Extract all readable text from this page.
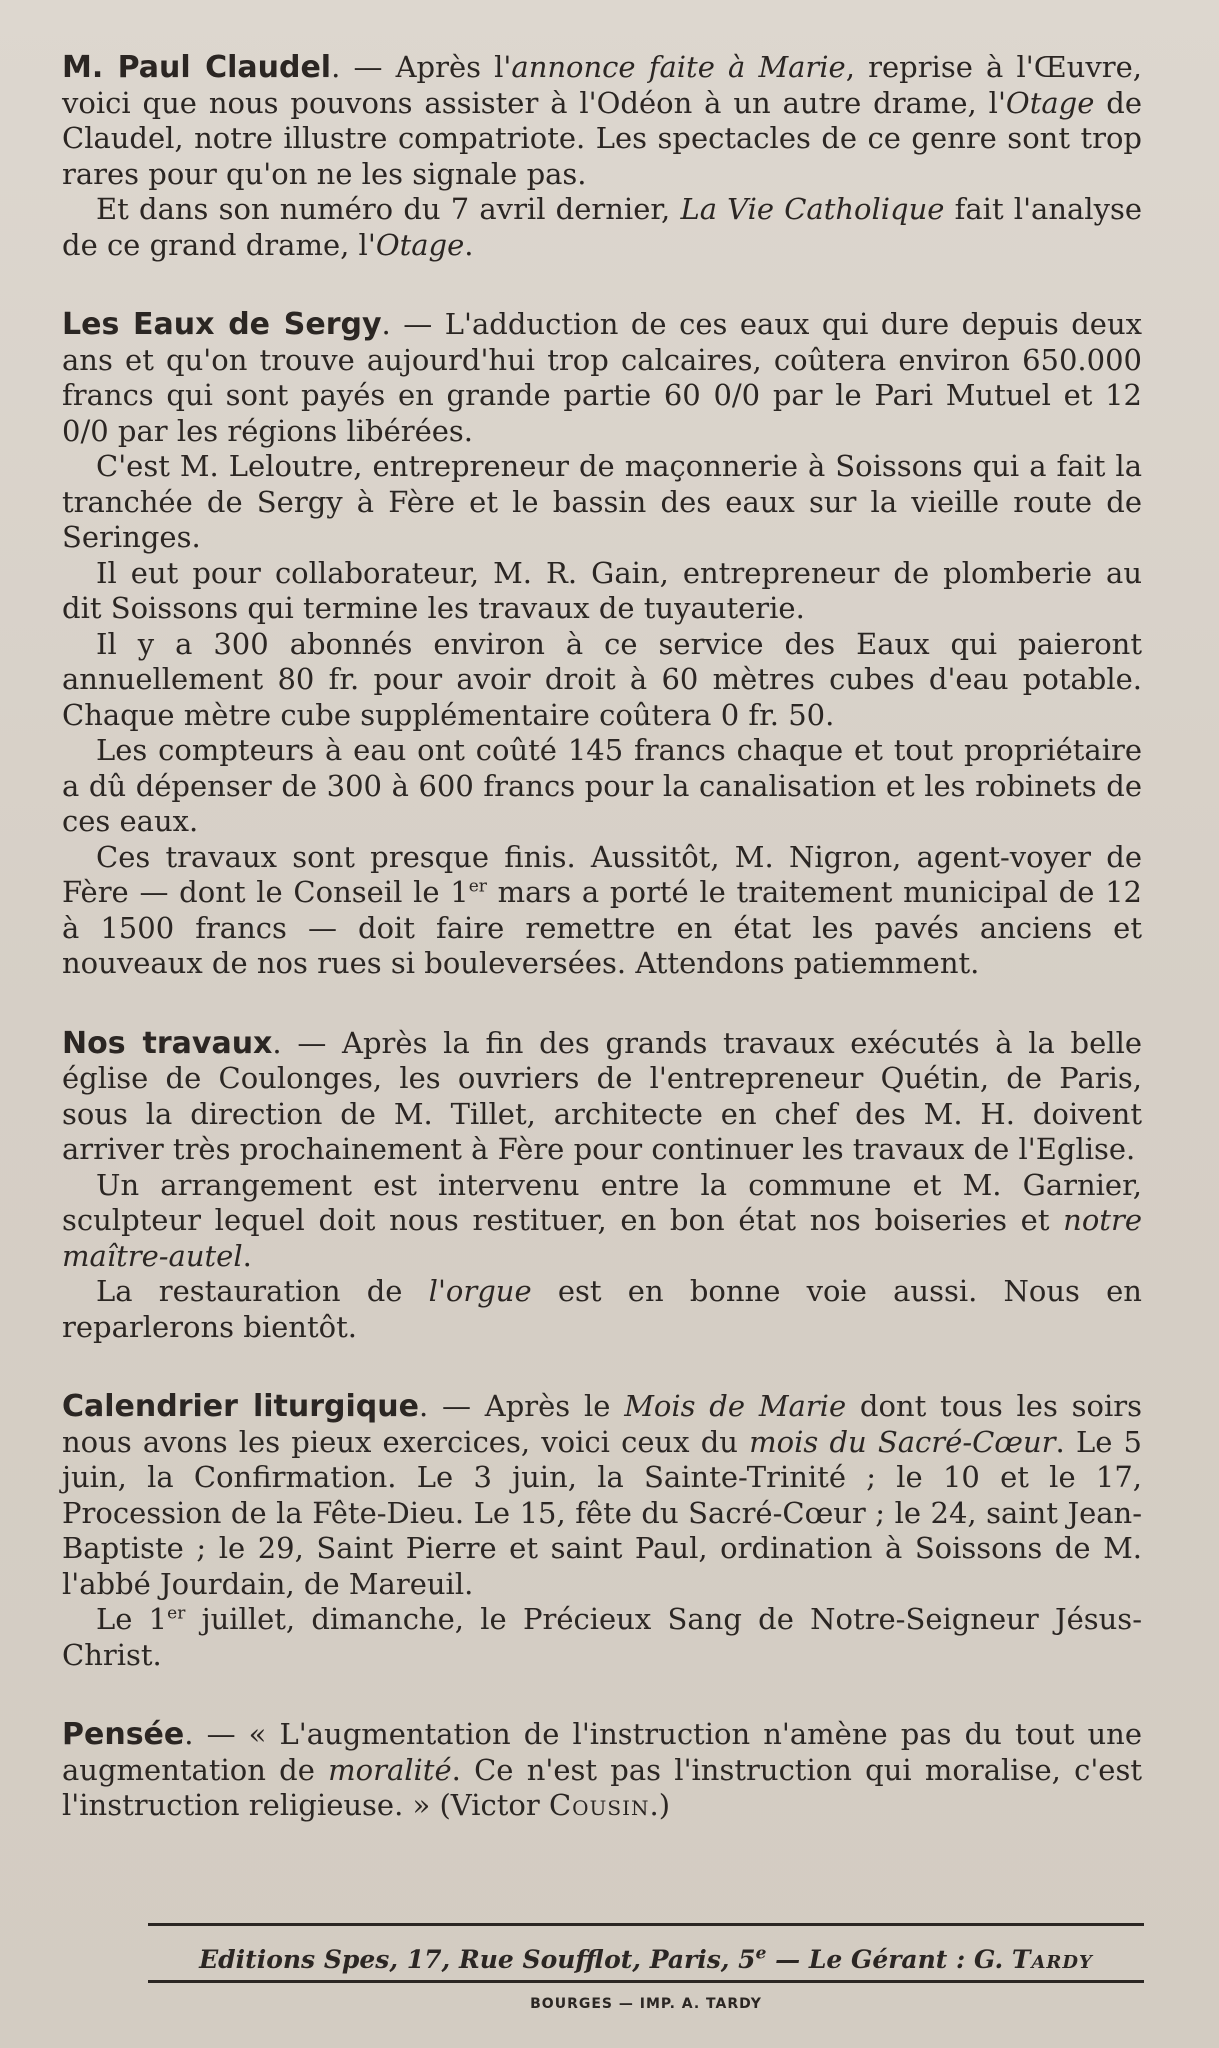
M. Paul Claudel. — Après l'annonce faite à Marie, reprise à l'Œuvre, voici que nous pouvons assister à l'Odéon à un autre drame, l'Otage de Claudel, notre illustre compatriote. Les spectacles de ce genre sont trop rares pour qu'on ne les signale pas.

Et dans son numéro du 7 avril dernier, La Vie Catholique fait l'analyse de ce grand drame, l'Otage.

Les Eaux de Sergy. — L'adduction de ces eaux qui dure depuis deux ans et qu'on trouve aujourd'hui trop calcaires, coûtera environ 650.000 francs qui sont payés en grande partie 60 0/0 par le Pari Mutuel et 12 0/0 par les régions libérées.

C'est M. Leloutre, entrepreneur de maçonnerie à Soissons qui a fait la tranchée de Sergy à Fère et le bassin des eaux sur la vieille route de Seringes.

Il eut pour collaborateur, M. R. Gain, entrepreneur de plomberie au dit Soissons qui termine les travaux de tuyauterie.

Il y a 300 abonnés environ à ce service des Eaux qui paieront annuellement 80 fr. pour avoir droit à 60 mètres cubes d'eau potable. Chaque mètre cube supplémentaire coûtera 0 fr. 50.

Les compteurs à eau ont coûté 145 francs chaque et tout propriétaire a dû dépenser de 300 à 600 francs pour la canalisation et les robinets de ces eaux.

Ces travaux sont presque finis. Aussitôt, M. Nigron, agent-voyer de Fère — dont le Conseil le 1er mars a porté le traitement municipal de 12 à 1500 francs — doit faire remettre en état les pavés anciens et nouveaux de nos rues si bouleversées. Attendons patiemment.

Nos travaux. — Après la fin des grands travaux exécutés à la belle église de Coulonges, les ouvriers de l'entrepreneur Quétin, de Paris, sous la direction de M. Tillet, architecte en chef des M. H. doivent arriver très prochainement à Fère pour continuer les travaux de l'Eglise.

Un arrangement est intervenu entre la commune et M. Garnier, sculpteur lequel doit nous restituer, en bon état nos boiseries et notre maître-autel.

La restauration de l'orgue est en bonne voie aussi. Nous en reparlerons bientôt.

Calendrier liturgique. — Après le Mois de Marie dont tous les soirs nous avons les pieux exercices, voici ceux du mois du Sacré-Cœur. Le 5 juin, la Confirmation. Le 3 juin, la Sainte-Trinité ; le 10 et le 17, Procession de la Fête-Dieu. Le 15, fête du Sacré-Cœur ; le 24, saint Jean-Baptiste ; le 29, Saint Pierre et saint Paul, ordination à Soissons de M. l'abbé Jourdain, de Mareuil.

Le 1er juillet, dimanche, le Précieux Sang de Notre-Seigneur Jésus-Christ.

Pensée. — « L'augmentation de l'instruction n'amène pas du tout une augmentation de moralité. Ce n'est pas l'instruction qui moralise, c'est l'instruction religieuse. » (Victor Cousin.)

Editions Spes, 17, Rue Soufflot, Paris, 5e — Le Gérant : G. Tardy
BOURGES — IMP. A. TARDY
